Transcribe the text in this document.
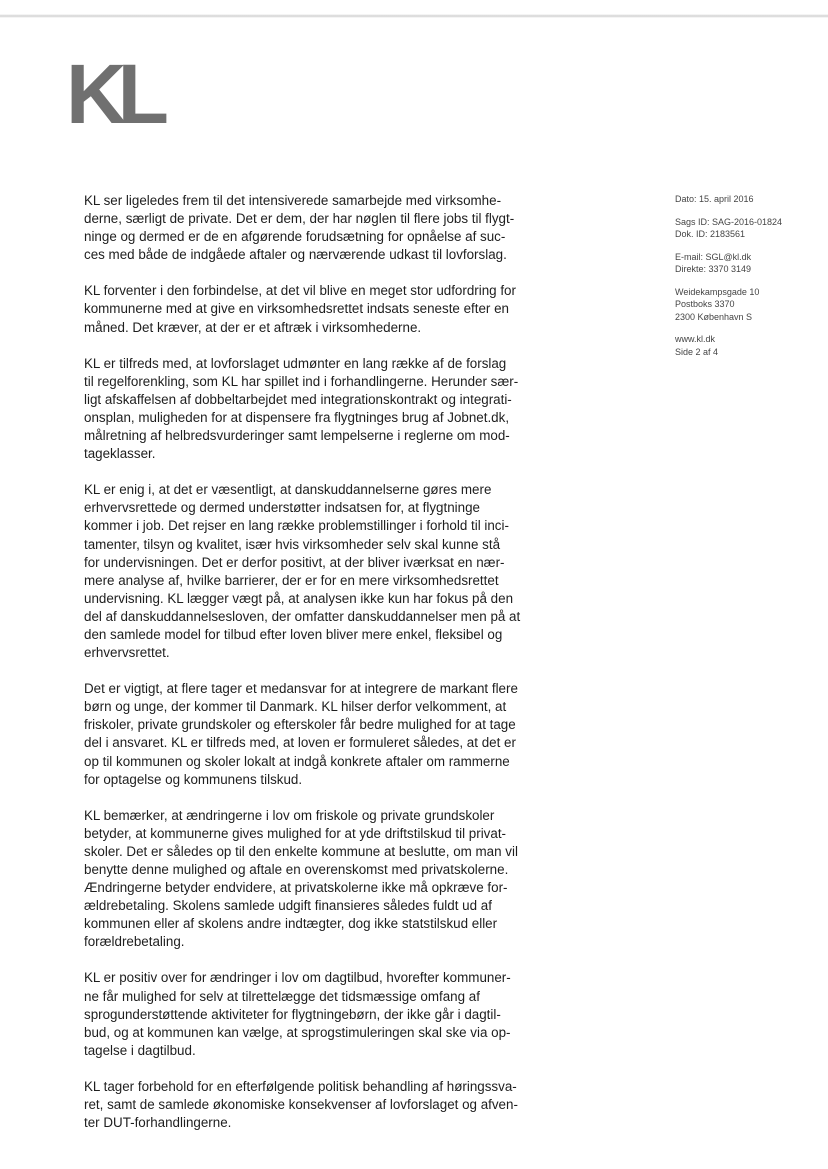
KL
Dato: 15. april 2016
Sags ID: SAG-2016-01824
Dok. ID: 2183561
E-mail: SGL@kl.dk
Direkte: 3370 3149
Weidekampsgade 10
Postboks 3370
2300 København S
www.kl.dk
Side 2 af 4

KL ser ligeledes frem til det intensiverede samarbejde med virksomhe-
derne, særligt de private. Det er dem, der har nøglen til flere jobs til flygt-
ninge og dermed er de en afgørende forudsætning for opnåelse af suc-
ces med både de indgåede aftaler og nærværende udkast til lovforslag.

KL forventer i den forbindelse, at det vil blive en meget stor udfordring for
kommunerne med at give en virksomhedsrettet indsats seneste efter en
måned. Det kræver, at der er et aftræk i virksomhederne.

KL er tilfreds med, at lovforslaget udmønter en lang række af de forslag
til regelforenkling, som KL har spillet ind i forhandlingerne. Herunder sær-
ligt afskaffelsen af dobbeltarbejdet med integrationskontrakt og integrati-
onsplan, muligheden for at dispensere fra flygtninges brug af Jobnet.dk,
målretning af helbredsvurderinger samt lempelserne i reglerne om mod-
tageklasser.

KL er enig i, at det er væsentligt, at danskuddannelserne gøres mere
erhvervsrettede og dermed understøtter indsatsen for, at flygtninge
kommer i job. Det rejser en lang række problemstillinger i forhold til inci-
tamenter, tilsyn og kvalitet, især hvis virksomheder selv skal kunne stå
for undervisningen. Det er derfor positivt, at der bliver iværksat en nær-
mere analyse af, hvilke barrierer, der er for en mere virksomhedsrettet
undervisning. KL lægger vægt på, at analysen ikke kun har fokus på den
del af danskuddannelsesloven, der omfatter danskuddannelser men på at
den samlede model for tilbud efter loven bliver mere enkel, fleksibel og
erhvervsrettet.

Det er vigtigt, at flere tager et medansvar for at integrere de markant flere
børn og unge, der kommer til Danmark. KL hilser derfor velkomment, at
friskoler, private grundskoler og efterskoler får bedre mulighed for at tage
del i ansvaret. KL er tilfreds med, at loven er formuleret således, at det er
op til kommunen og skoler lokalt at indgå konkrete aftaler om rammerne
for optagelse og kommunens tilskud.

KL bemærker, at ændringerne i lov om friskole og private grundskoler
betyder, at kommunerne gives mulighed for at yde driftstilskud til privat-
skoler. Det er således op til den enkelte kommune at beslutte, om man vil
benytte denne mulighed og aftale en overenskomst med privatskolerne.
Ændringerne betyder endvidere, at privatskolerne ikke må opkræve for-
ældrebetaling. Skolens samlede udgift finansieres således fuldt ud af
kommunen eller af skolens andre indtægter, dog ikke statstilskud eller
forældrebetaling.

KL er positiv over for ændringer i lov om dagtilbud, hvorefter kommuner-
ne får mulighed for selv at tilrettelægge det tidsmæssige omfang af
sprogunderstøttende aktiviteter for flygtningebørn, der ikke går i dagtil-
bud, og at kommunen kan vælge, at sprogstimuleringen skal ske via op-
tagelse i dagtilbud.

KL tager forbehold for en efterfølgende politisk behandling af høringssva-
ret, samt de samlede økonomiske konsekvenser af lovforslaget og afven-
ter DUT-forhandlingerne.
